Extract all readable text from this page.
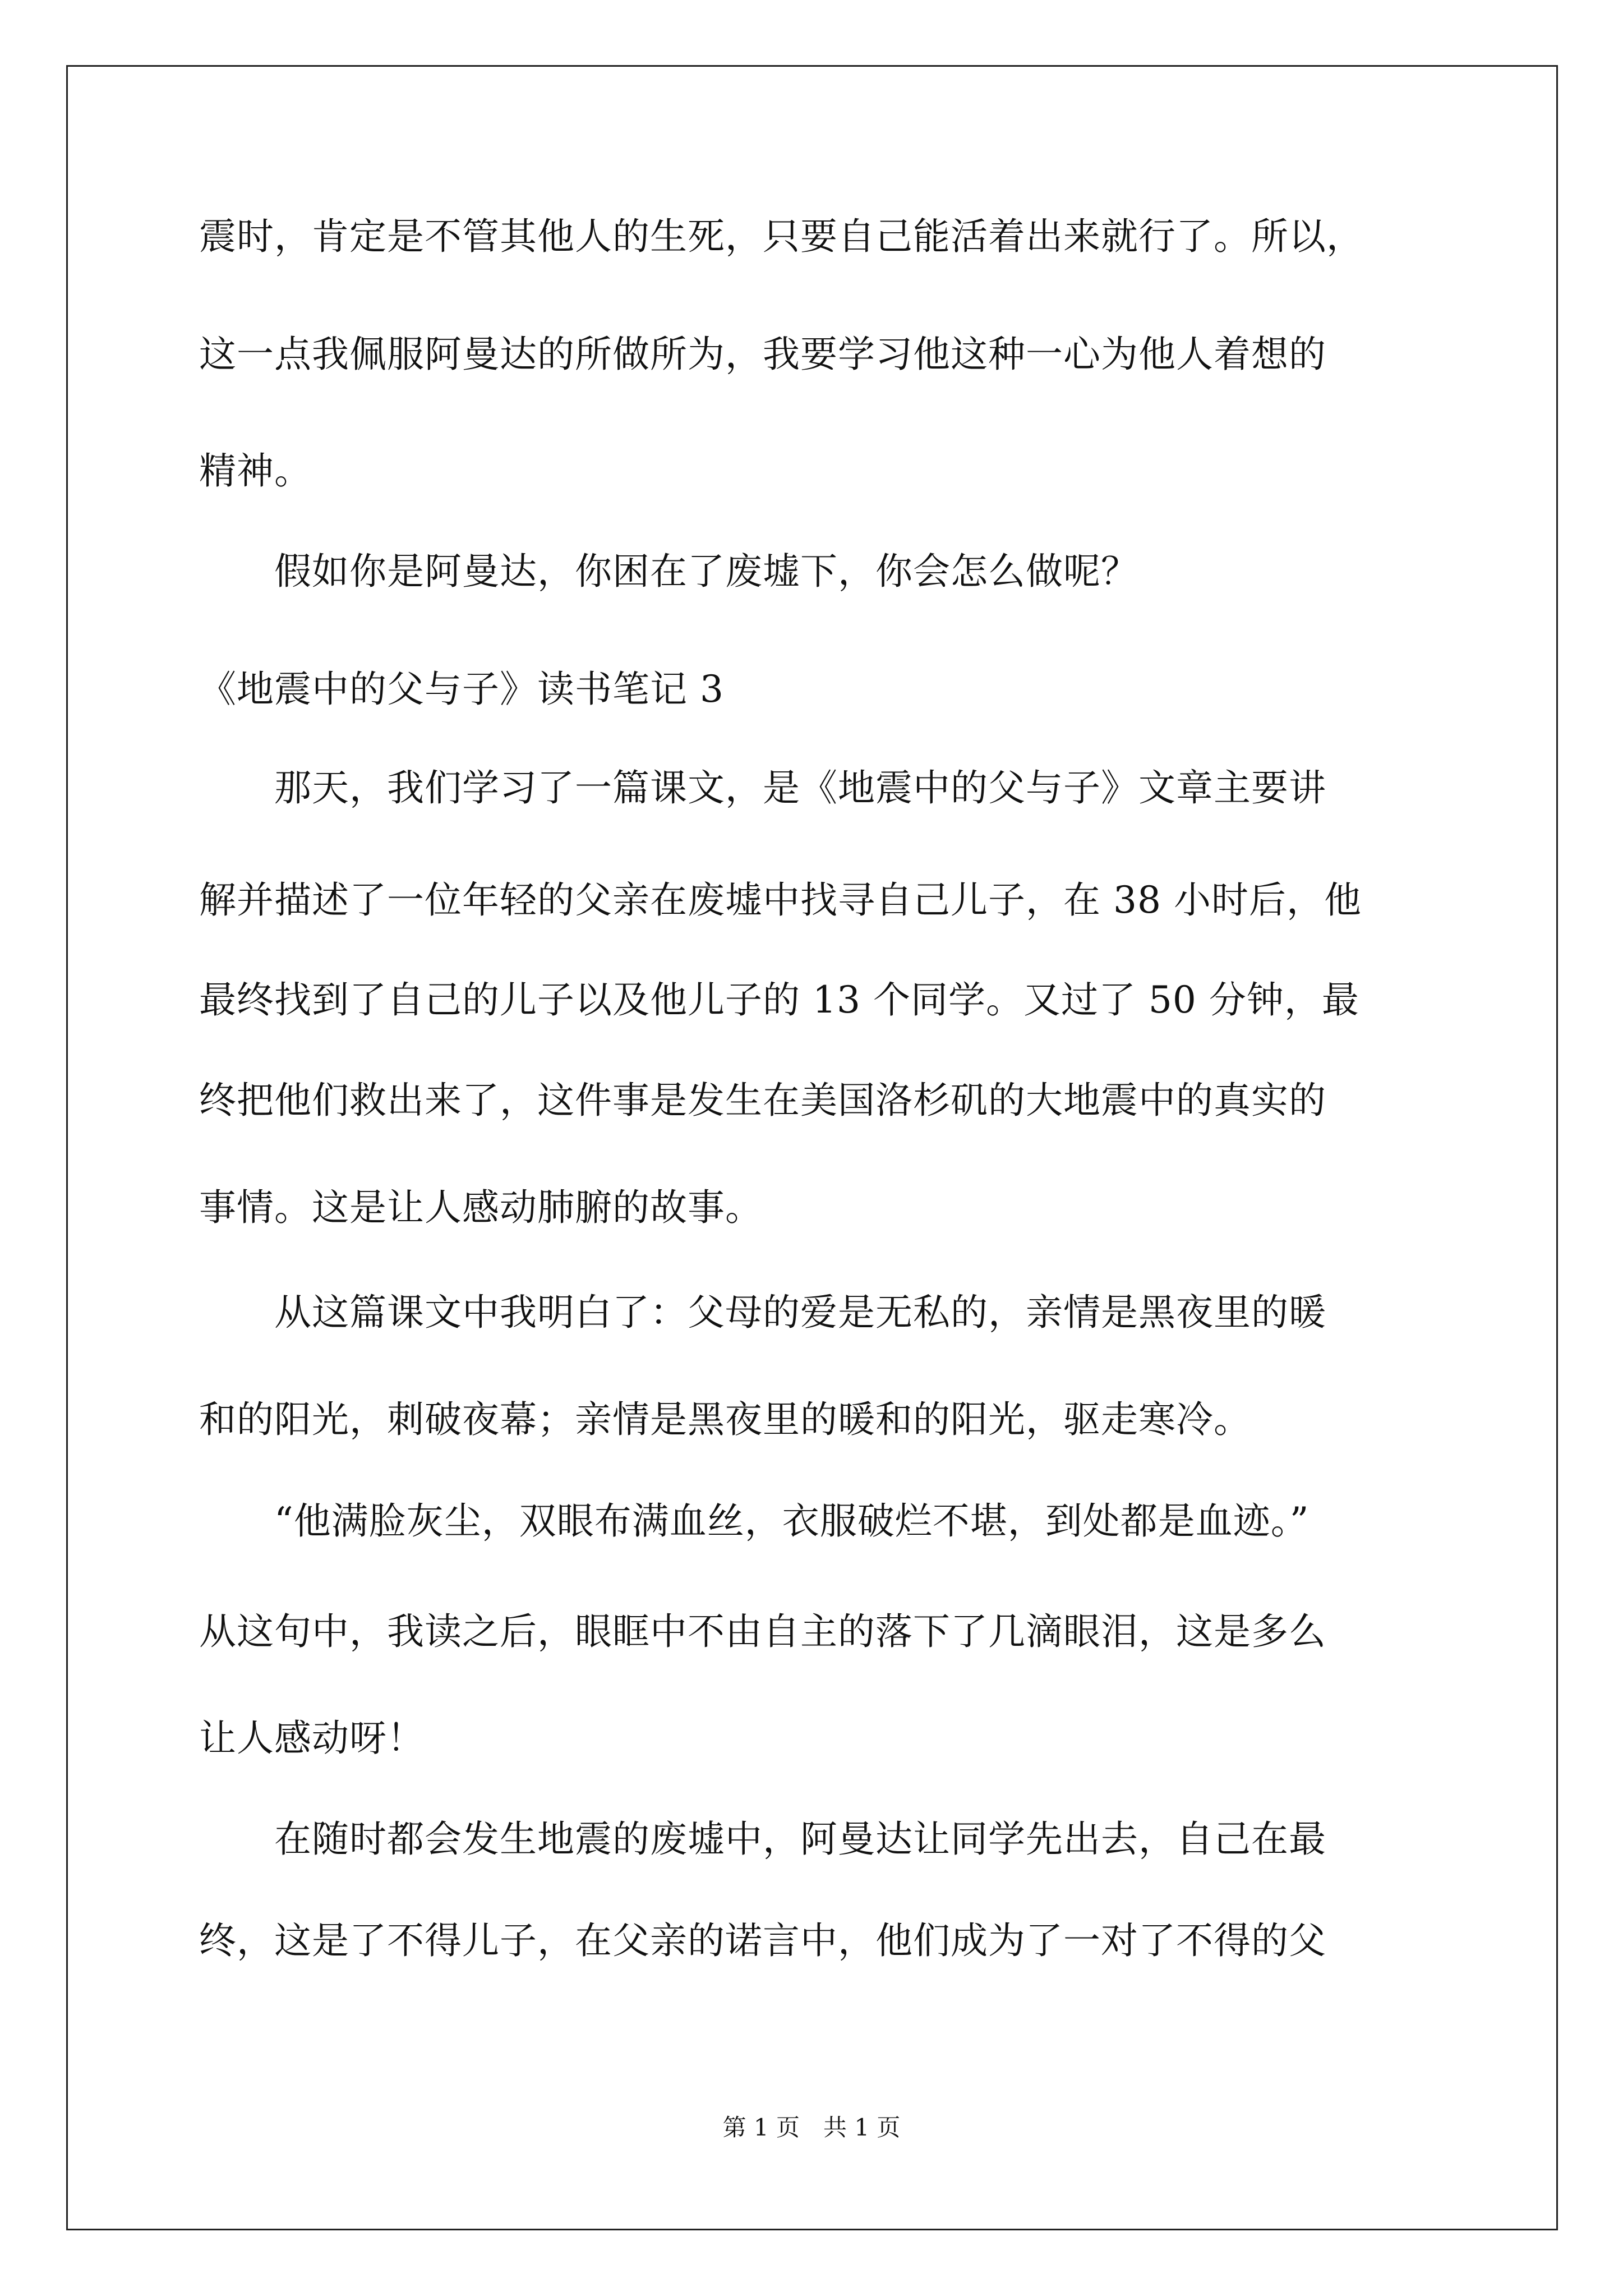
震时，肯定是不管其他人的生死，只要自己能活着出来就行了。所以，
这一点我佩服阿曼达的所做所为，我要学习他这种一心为他人着想的
精神。
　　假如你是阿曼达，你困在了废墟下，你会怎么做呢？
《地震中的父与子》读书笔记 3
　　那天，我们学习了一篇课文，是《地震中的父与子》文章主要讲
解并描述了一位年轻的父亲在废墟中找寻自己儿子，在 38 小时后，他
最终找到了自己的儿子以及他儿子的 13 个同学。又过了 50 分钟，最
终把他们救出来了，这件事是发生在美国洛杉矶的大地震中的真实的
事情。这是让人感动肺腑的故事。
　　从这篇课文中我明白了：父母的爱是无私的，亲情是黑夜里的暖
和的阳光，刺破夜幕；亲情是黑夜里的暖和的阳光，驱走寒冷。
　　“他满脸灰尘，双眼布满血丝，衣服破烂不堪，到处都是血迹。”
从这句中，我读之后，眼眶中不由自主的落下了几滴眼泪，这是多么
让人感动呀！
　　在随时都会发生地震的废墟中，阿曼达让同学先出去，自己在最
终，这是了不得儿子，在父亲的诺言中，他们成为了一对了不得的父
第 1 页　共 1 页
